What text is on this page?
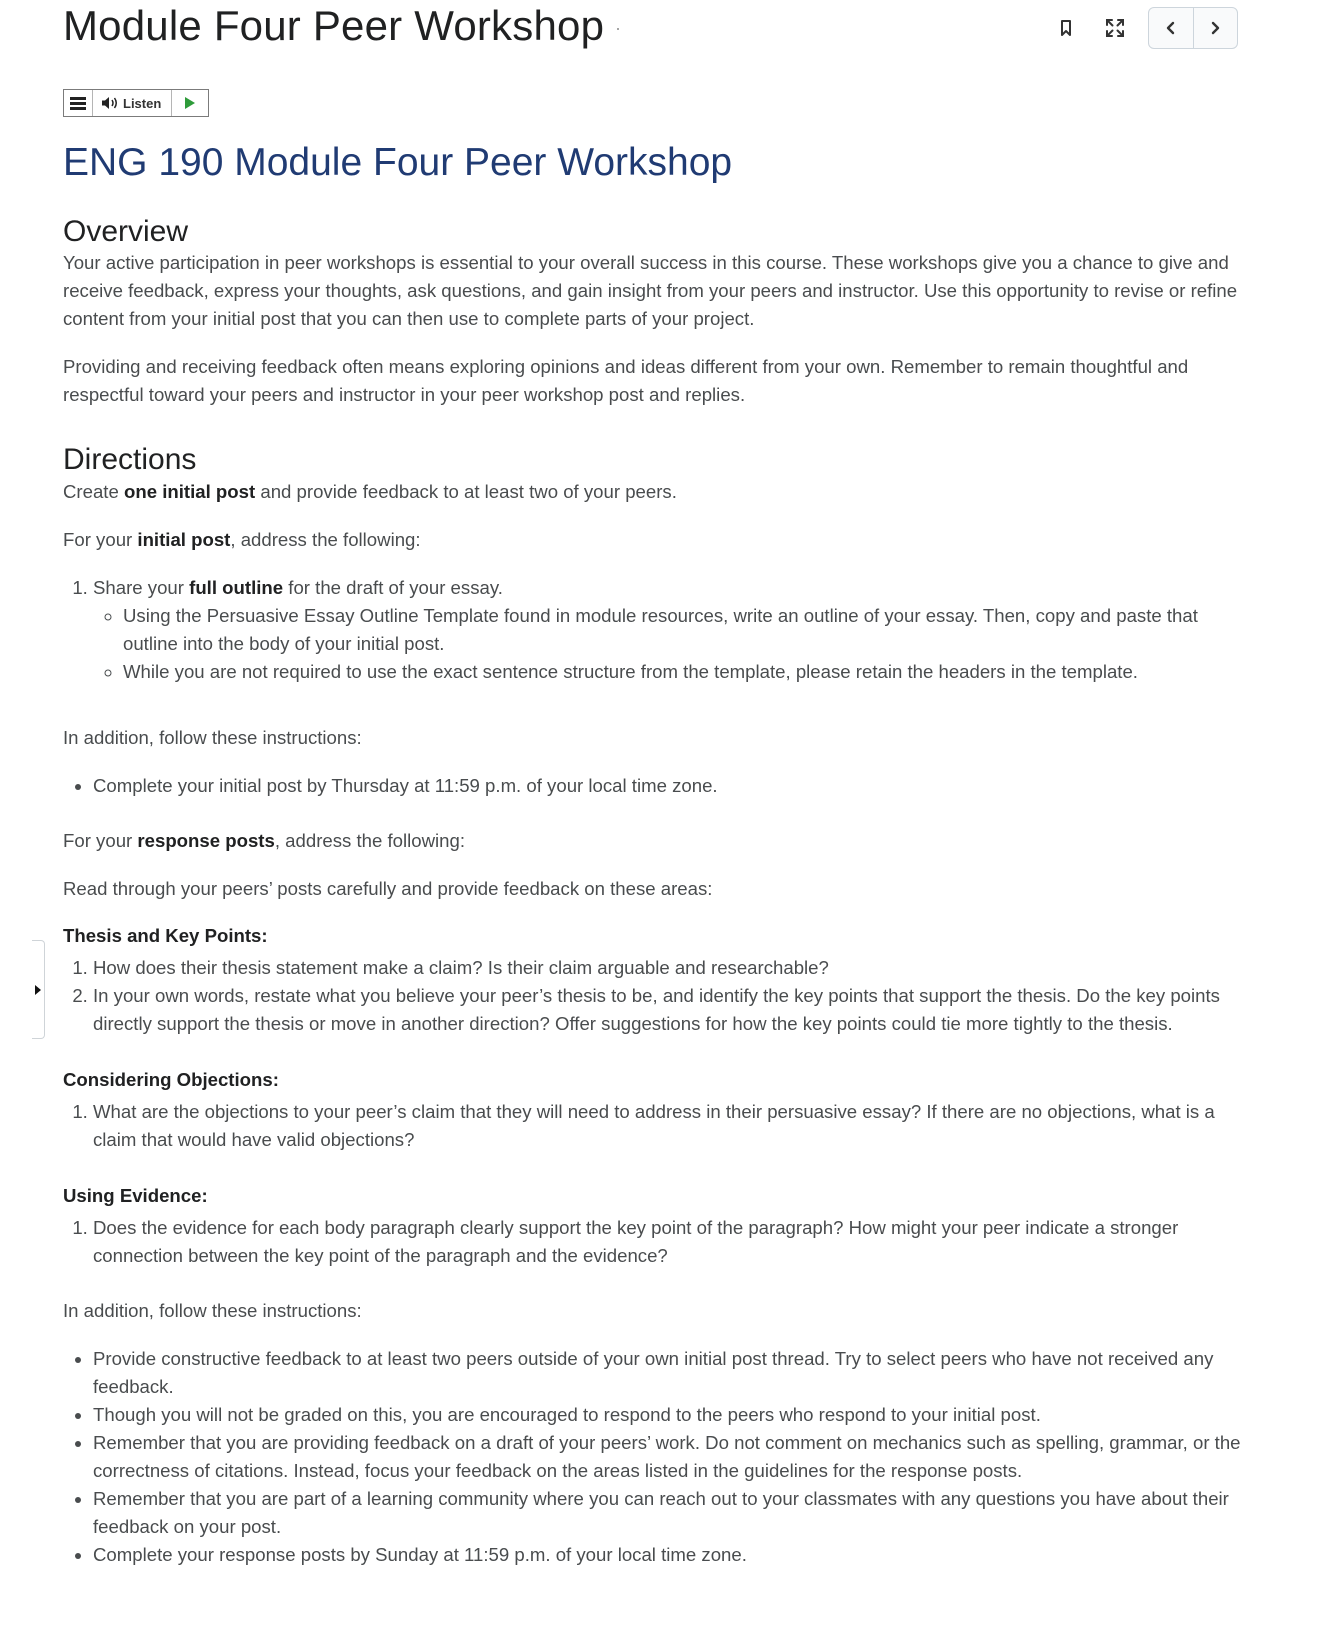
Module Four Peer Workshop
Listen
ENG 190 Module Four Peer Workshop
Overview

Your active participation in peer workshops is essential to your overall success in this course. These workshops give you a chance to give and receive feedback, express your thoughts, ask questions, and gain insight from your peers and instructor. Use this opportunity to revise or refine content from your initial post that you can then use to complete parts of your project.

Providing and receiving feedback often means exploring opinions and ideas different from your own. Remember to remain thoughtful and respectful toward your peers and instructor in your peer workshop post and replies.

Directions

Create one initial post and provide feedback to at least two of your peers.

For your initial post, address the following:

1. Share your full outline for the draft of your essay.
◦ Using the Persuasive Essay Outline Template found in module resources, write an outline of your essay. Then, copy and paste that outline into the body of your initial post.
◦ While you are not required to use the exact sentence structure from the template, please retain the headers in the template.

In addition, follow these instructions:

• Complete your initial post by Thursday at 11:59 p.m. of your local time zone.

For your response posts, address the following:

Read through your peers’ posts carefully and provide feedback on these areas:

Thesis and Key Points:
1. How does their thesis statement make a claim? Is their claim arguable and researchable?
2. In your own words, restate what you believe your peer’s thesis to be, and identify the key points that support the thesis. Do the key points directly support the thesis or move in another direction? Offer suggestions for how the key points could tie more tightly to the thesis.
Considering Objections:
1. What are the objections to your peer’s claim that they will need to address in their persuasive essay? If there are no objections, what is a claim that would have valid objections?
Using Evidence:
1. Does the evidence for each body paragraph clearly support the key point of the paragraph? How might your peer indicate a stronger connection between the key point of the paragraph and the evidence?

In addition, follow these instructions:

• Provide constructive feedback to at least two peers outside of your own initial post thread. Try to select peers who have not received any feedback.
• Though you will not be graded on this, you are encouraged to respond to the peers who respond to your initial post.
• Remember that you are providing feedback on a draft of your peers’ work. Do not comment on mechanics such as spelling, grammar, or the correctness of citations. Instead, focus your feedback on the areas listed in the guidelines for the response posts.
• Remember that you are part of a learning community where you can reach out to your classmates with any questions you have about their feedback on your post.
• Complete your response posts by Sunday at 11:59 p.m. of your local time zone.
